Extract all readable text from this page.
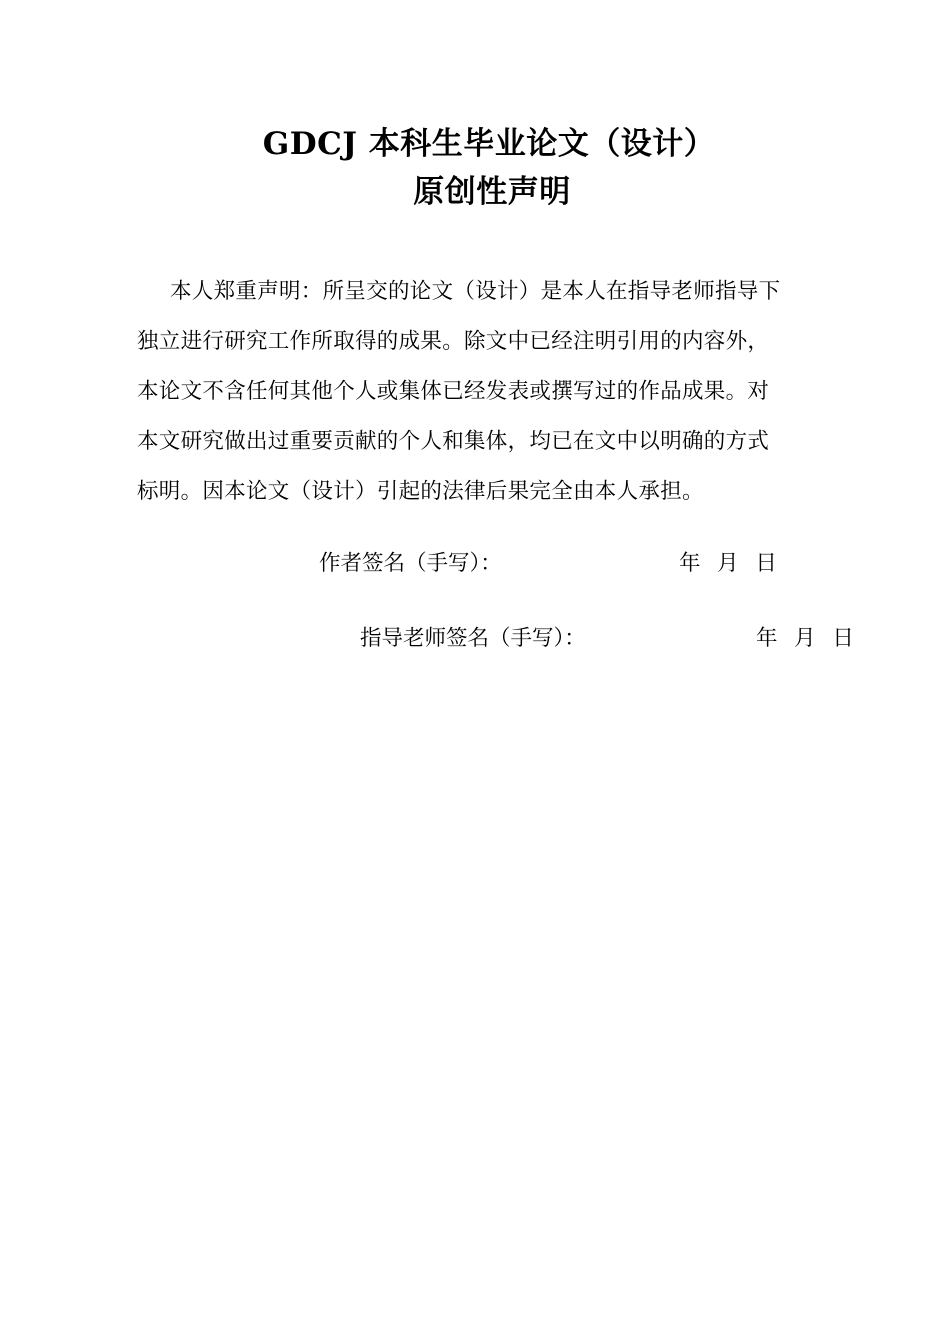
GDCJ 本科生毕业论文（设计）
原创性声明
本人郑重声明：所呈交的论文（设计）是本人在指导老师指导下
独立进行研究工作所取得的成果。除文中已经注明引用的内容外，
本论文不含任何其他个人或集体已经发表或撰写过的作品成果。对
本文研究做出过重要贡献的个人和集体，均已在文中以明确的方式
标明。因本论文（设计）引起的法律后果完全由本人承担。
作者签名（手写）：	年  月  日
指导老师签名（手写）：	年  月  日
